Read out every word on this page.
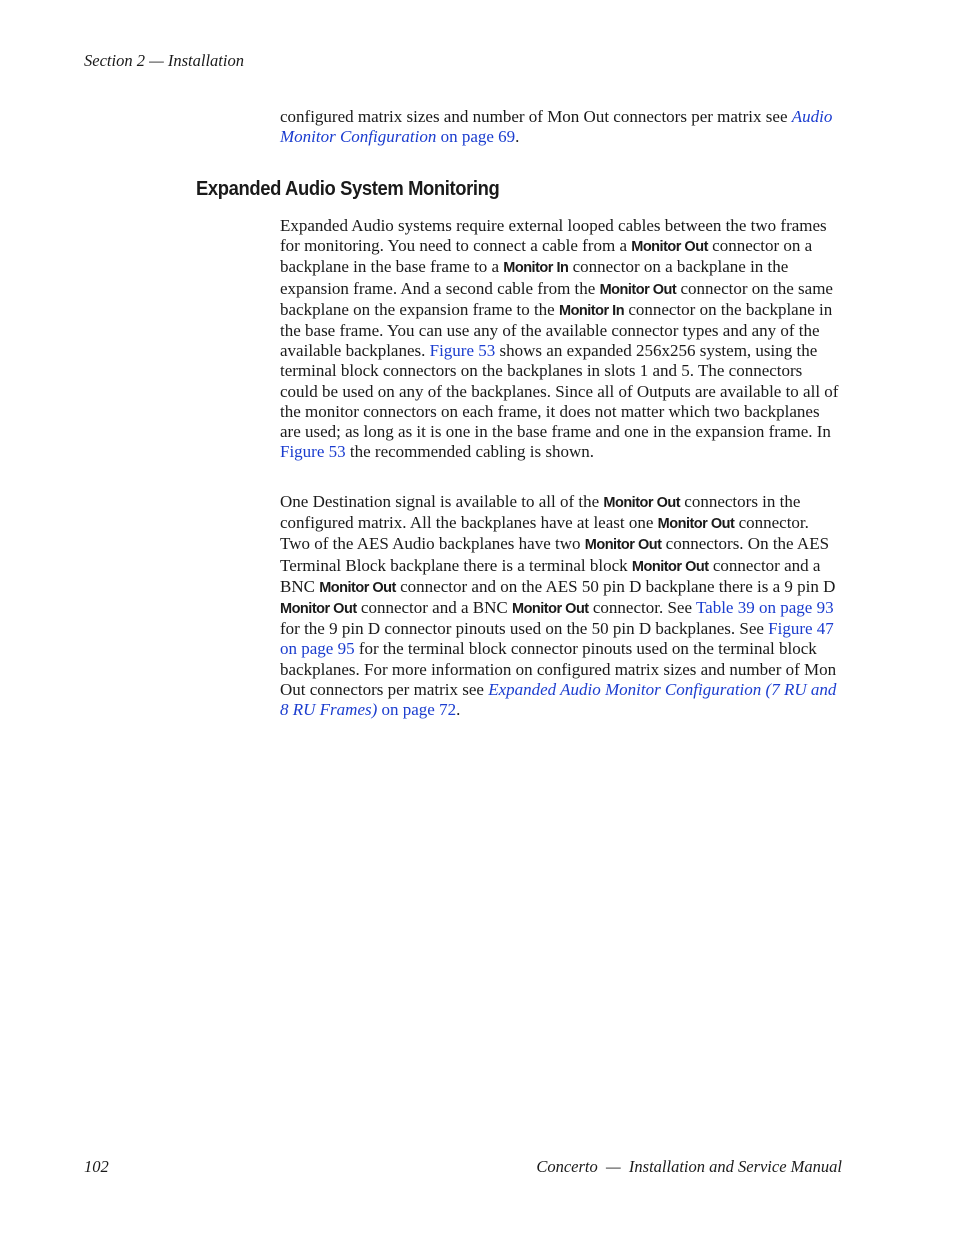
Section 2 — Installation

configured matrix sizes and number of Mon Out connectors per matrix see Audio Monitor Configuration on page 69.

Expanded Audio System Monitoring

Expanded Audio systems require external looped cables between the two frames for monitoring. You need to connect a cable from a Monitor Out connector on a backplane in the base frame to a Monitor In connector on a backplane in the expansion frame. And a second cable from the Monitor Out connector on the same backplane on the expansion frame to the Monitor In connector on the backplane in the base frame. You can use any of the available connector types and any of the available backplanes. Figure 53 shows an expanded 256x256 system, using the terminal block connectors on the backplanes in slots 1 and 5. The connectors could be used on any of the backplanes. Since all of Outputs are available to all of the monitor connectors on each frame, it does not matter which two backplanes are used; as long as it is one in the base frame and one in the expansion frame. In Figure 53 the recommended cabling is shown.

One Destination signal is available to all of the Monitor Out connectors in the configured matrix. All the backplanes have at least one Monitor Out connector. Two of the AES Audio backplanes have two Monitor Out connectors. On the AES Terminal Block backplane there is a terminal block Monitor Out connector and a BNC Monitor Out connector and on the AES 50 pin D backplane there is a 9 pin D Monitor Out connector and a BNC Monitor Out connector. See Table 39 on page 93 for the 9 pin D connector pinouts used on the 50 pin D backplanes. See Figure 47 on page 95 for the terminal block connector pinouts used on the terminal block backplanes. For more information on configured matrix sizes and number of Mon Out connectors per matrix see Expanded Audio Monitor Configuration (7 RU and 8 RU Frames) on page 72.

102	Concerto  —  Installation and Service Manual
